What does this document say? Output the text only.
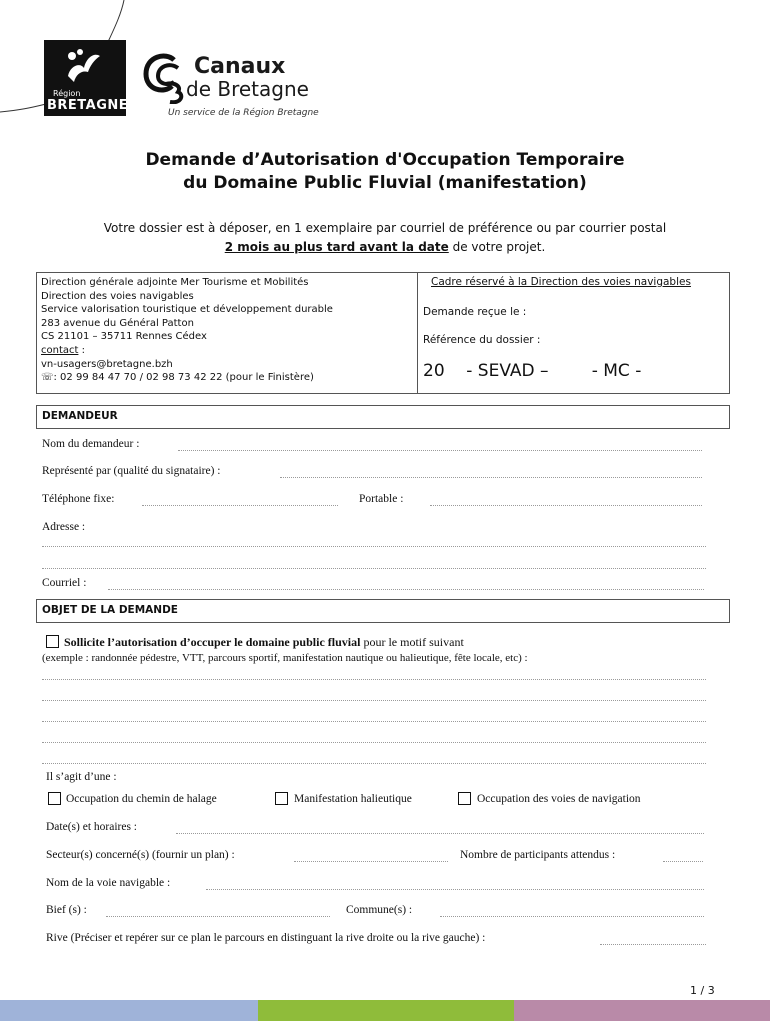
Région
BRETAGNE
Canaux
de Bretagne
Un service de la Région Bretagne
Demande d’Autorisation d'Occupation Temporaire
du Domaine Public Fluvial (manifestation)
Votre dossier est à déposer, en 1 exemplaire par courriel de préférence ou par courrier postal
2 mois au plus tard avant la date de votre projet.
Direction générale adjointe Mer Tourisme et Mobilités
Direction des voies navigables
Service valorisation touristique et développement durable
283 avenue du Général Patton
CS 21101 – 35711 Rennes Cédex
contact :
vn-usagers@bretagne.bzh
☏: 02 99 84 47 70 / 02 98 73 42 22 (pour le Finistère)
Cadre réservé à la Direction des voies navigables
Demande reçue le :
Référence du dossier :
20    - SEVAD –        - MC -
DEMANDEUR
Nom du demandeur :
Représenté par (qualité du signataire) :
Téléphone fixe:	Portable :
Adresse :
Courriel :
OBJET DE LA DEMANDE
Sollicite l’autorisation d’occuper le domaine public fluvial pour le motif suivant
(exemple : randonnée pédestre, VTT, parcours sportif, manifestation nautique ou halieutique, fête locale, etc) :
Il s’agit d’une :
Occupation du chemin de halage	Manifestation halieutique	Occupation des voies de navigation
Date(s) et horaires :
Secteur(s) concerné(s) (fournir un plan) :	Nombre de participants attendus :
Nom de la voie navigable :
Bief (s) :	Commune(s) :
Rive (Préciser et repérer sur ce plan le parcours en distinguant la rive droite ou la rive gauche) :
1 / 3
